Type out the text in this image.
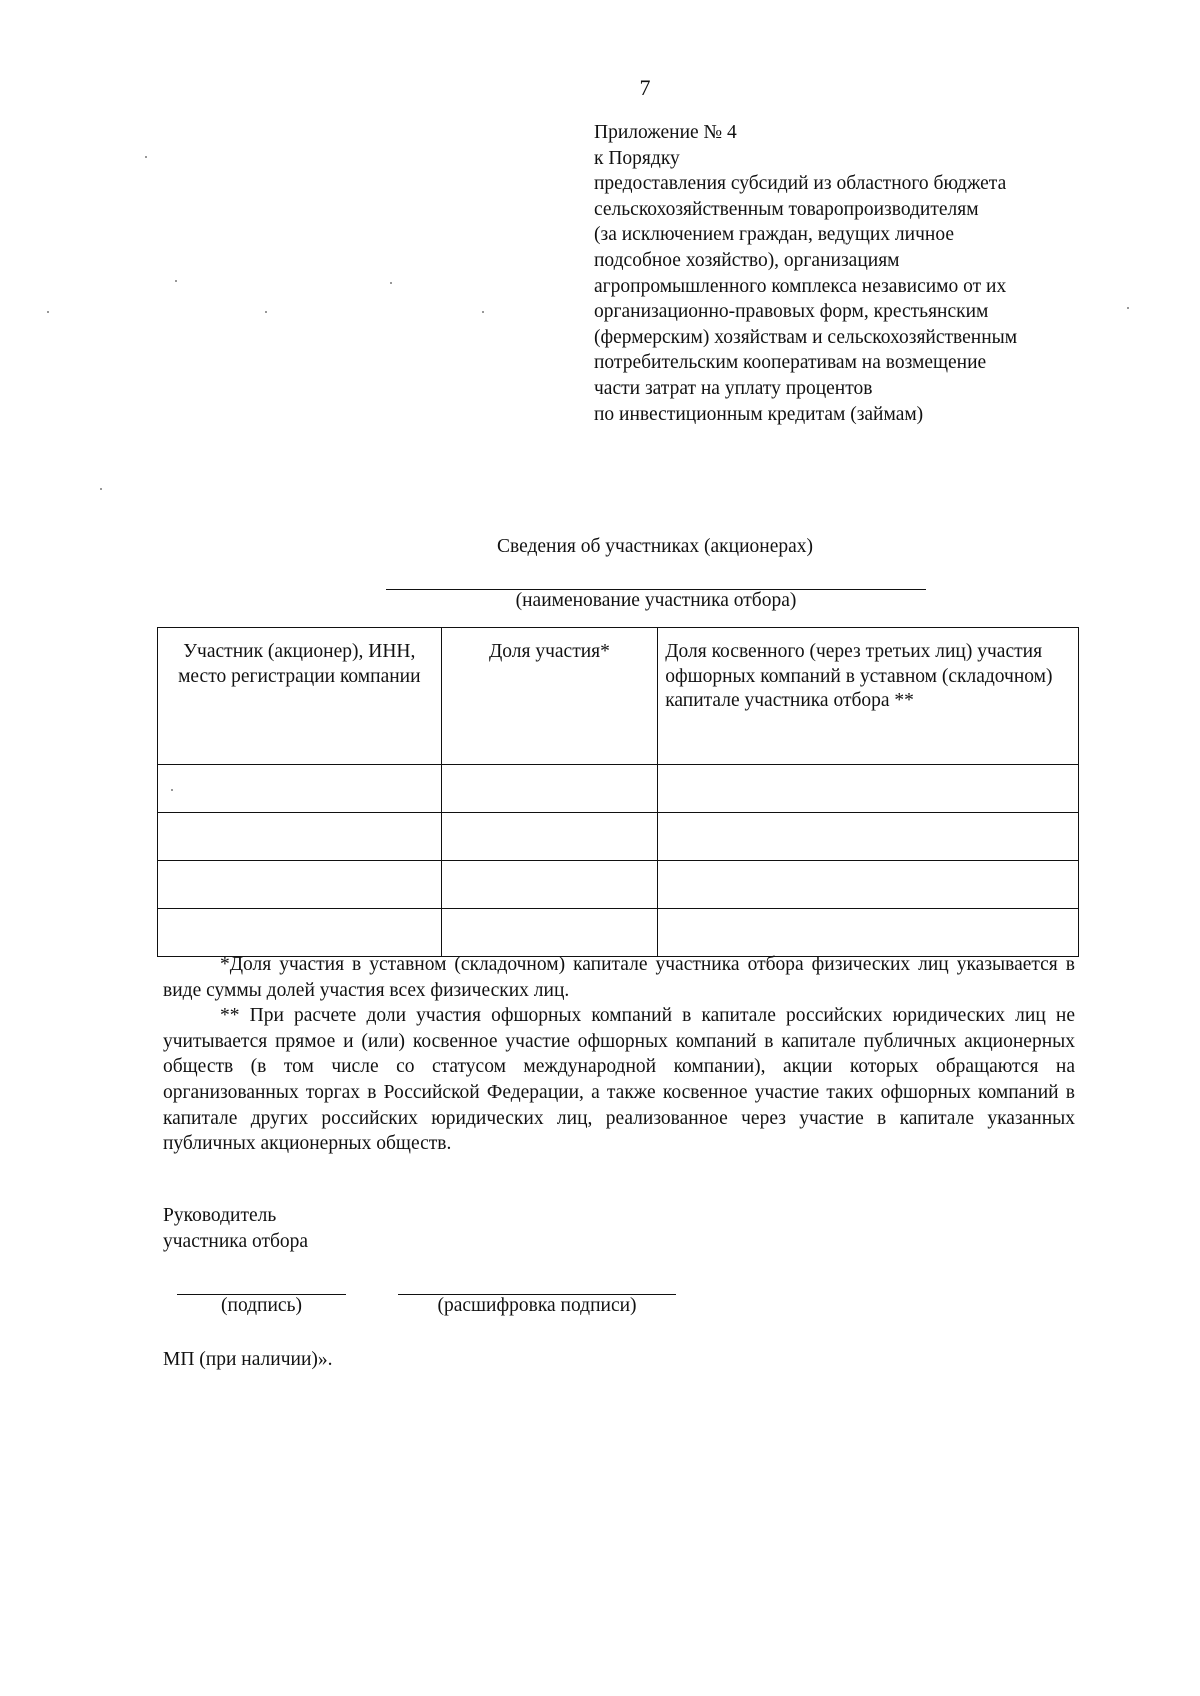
7
Приложение № 4
к Порядку
предоставления субсидий из областного бюджета
сельскохозяйственным товаропроизводителям
(за исключением граждан, ведущих личное
подсобное хозяйство), организациям
агропромышленного комплекса независимо от их
организационно-правовых форм, крестьянским
(фермерским) хозяйствам и сельскохозяйственным
потребительским кооперативам на возмещение
части затрат на уплату процентов
по инвестиционным кредитам (займам)
Сведения об участниках (акционерах)
(наименование участника отбора)
Участник (акционер), ИНН, место регистрации компании	Доля участия*	Доля косвенного (через третьих лиц) участия офшорных компаний в уставном (складочном) капитале участника отбора **

*Доля участия в уставном (складочном) капитале участника отбора физических лиц указывается в виде суммы долей участия всех физических лиц.

** При расчете доли участия офшорных компаний в капитале российских юридических лиц не учитывается прямое и (или) косвенное участие офшорных компаний в капитале публичных акционерных обществ (в том числе со статусом международной компании), акции которых обращаются на организованных торгах в Российской Федерации, а также косвенное участие таких офшорных компаний в капитале других российских юридических лиц, реализованное через участие в капитале указанных публичных акционерных обществ.

Руководитель
участника отбора
(подпись)	(расшифровка подписи)
МП (при наличии)».
